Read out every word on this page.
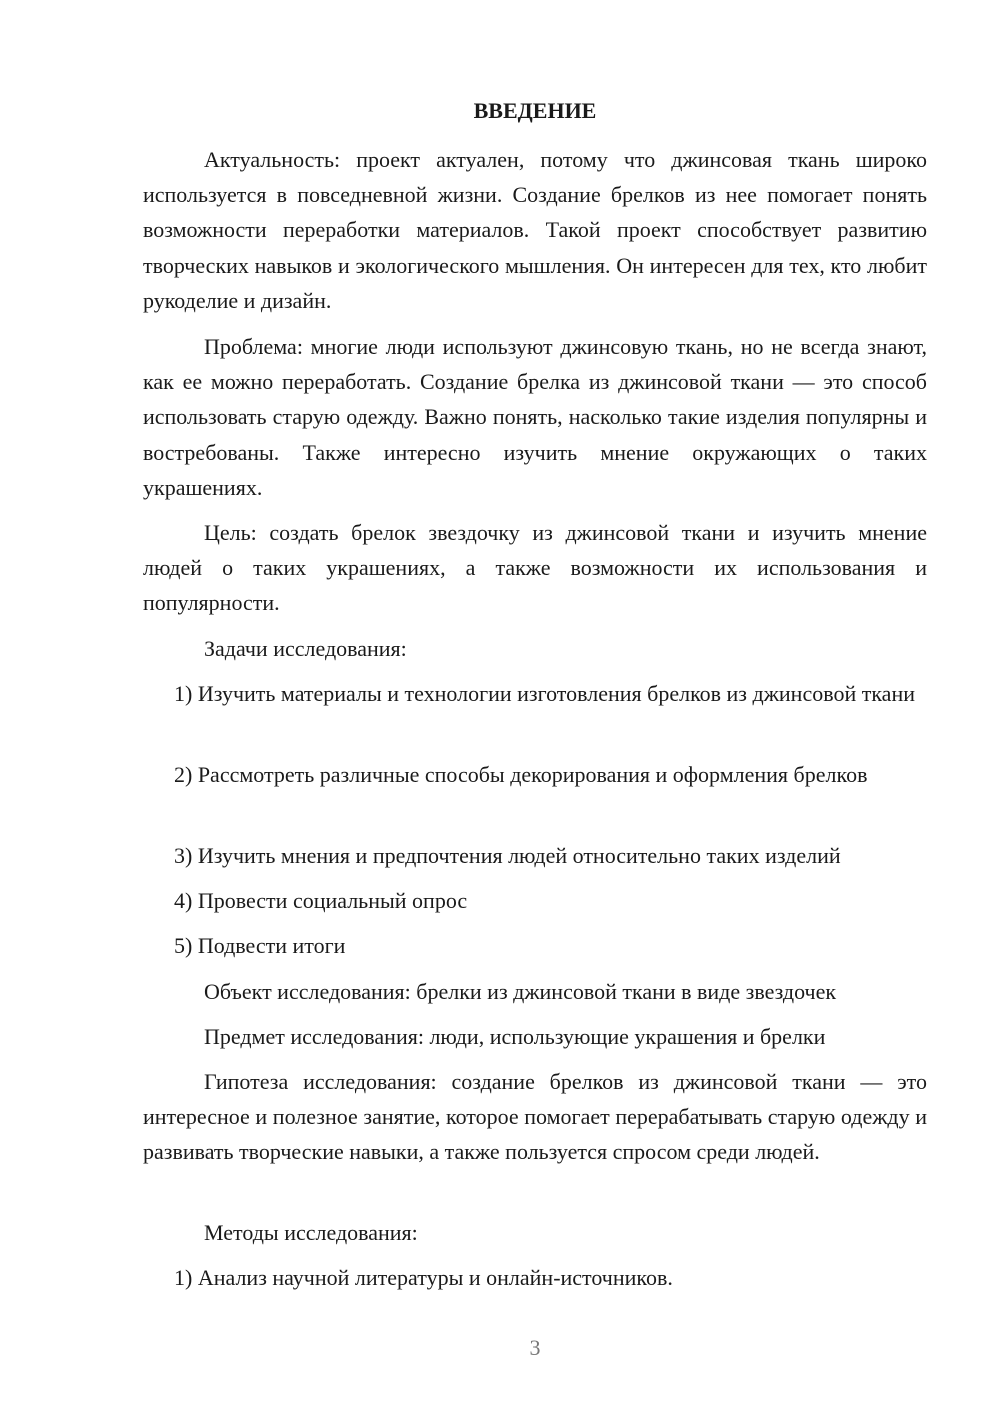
ВВЕДЕНИЕ

Актуальность: проект актуален, потому что джинсовая ткань широко используется в повседневной жизни. Создание брелков из нее помогает понять возможности переработки материалов. Такой проект способствует развитию творческих навыков и экологического мышления. Он интересен для тех, кто любит рукоделие и дизайн.

Проблема: многие люди используют джинсовую ткань, но не всегда знают, как ее можно переработать. Создание брелка из джинсовой ткани — это способ использовать старую одежду. Важно понять, насколько такие изделия популярны и востребованы. Также интересно изучить мнение окружающих о таких украшениях.

Цель: создать брелок звездочку из джинсовой ткани и изучить мнение людей о таких украшениях, а также возможности их использования и популярности.

Задачи исследования:

1) Изучить материалы и технологии изготовления брелков из джинсовой ткани

2) Рассмотреть различные способы декорирования и оформления брелков

3) Изучить мнения и предпочтения людей относительно таких изделий
4) Провести социальный опрос
5) Подвести итоги
Объект исследования: брелки из джинсовой ткани в виде звездочек
Предмет исследования: люди, использующие украшения и брелки

Гипотеза исследования: создание брелков из джинсовой ткани — это интересное и полезное занятие, которое помогает перерабатывать старую одежду и развивать творческие навыки, а также пользуется спросом среди людей.

Методы исследования:
1) Анализ научной литературы и онлайн-источников.
3
